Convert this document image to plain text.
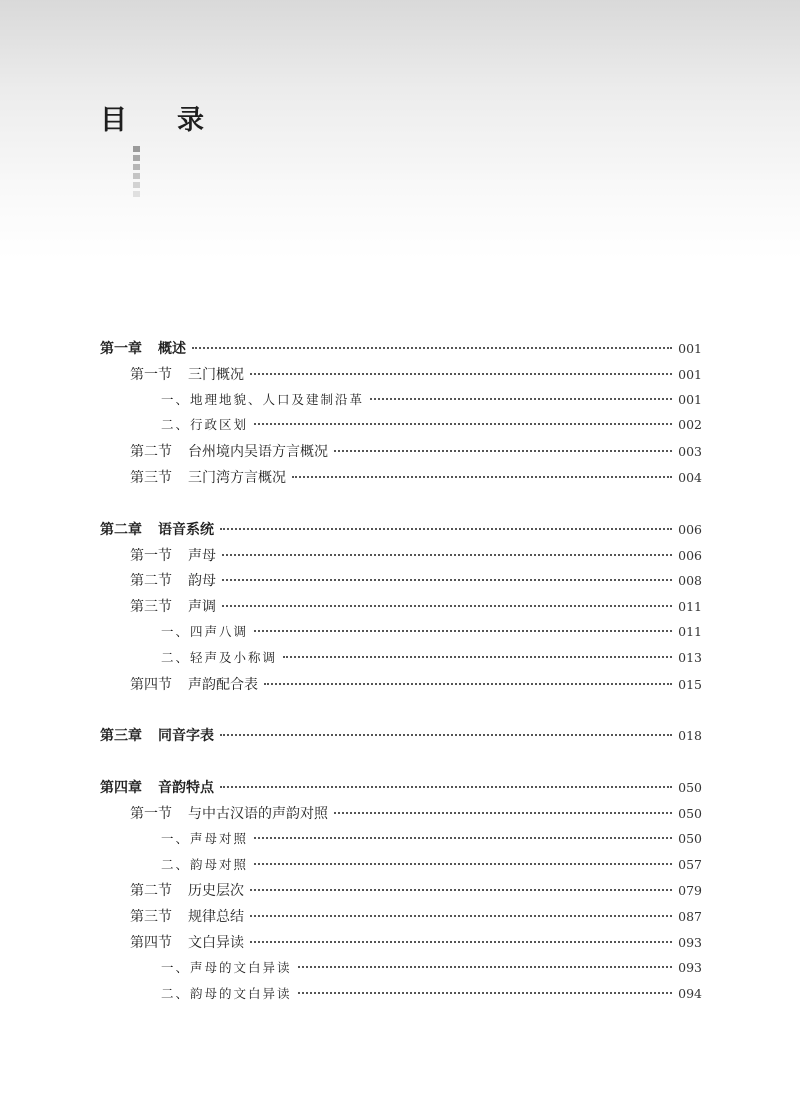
目 录
第一章 概述	001
第一节 三门概况	001
一、地理地貌、人口及建制沿革	001
二、行政区划	002
第二节 台州境内吴语方言概况	003
第三节 三门湾方言概况	004
第二章 语音系统	006
第一节 声母	006
第二节 韵母	008
第三节 声调	011
一、四声八调	011
二、轻声及小称调	013
第四节 声韵配合表	015
第三章 同音字表	018
第四章 音韵特点	050
第一节 与中古汉语的声韵对照	050
一、声母对照	050
二、韵母对照	057
第二节 历史层次	079
第三节 规律总结	087
第四节 文白异读	093
一、声母的文白异读	093
二、韵母的文白异读	094
